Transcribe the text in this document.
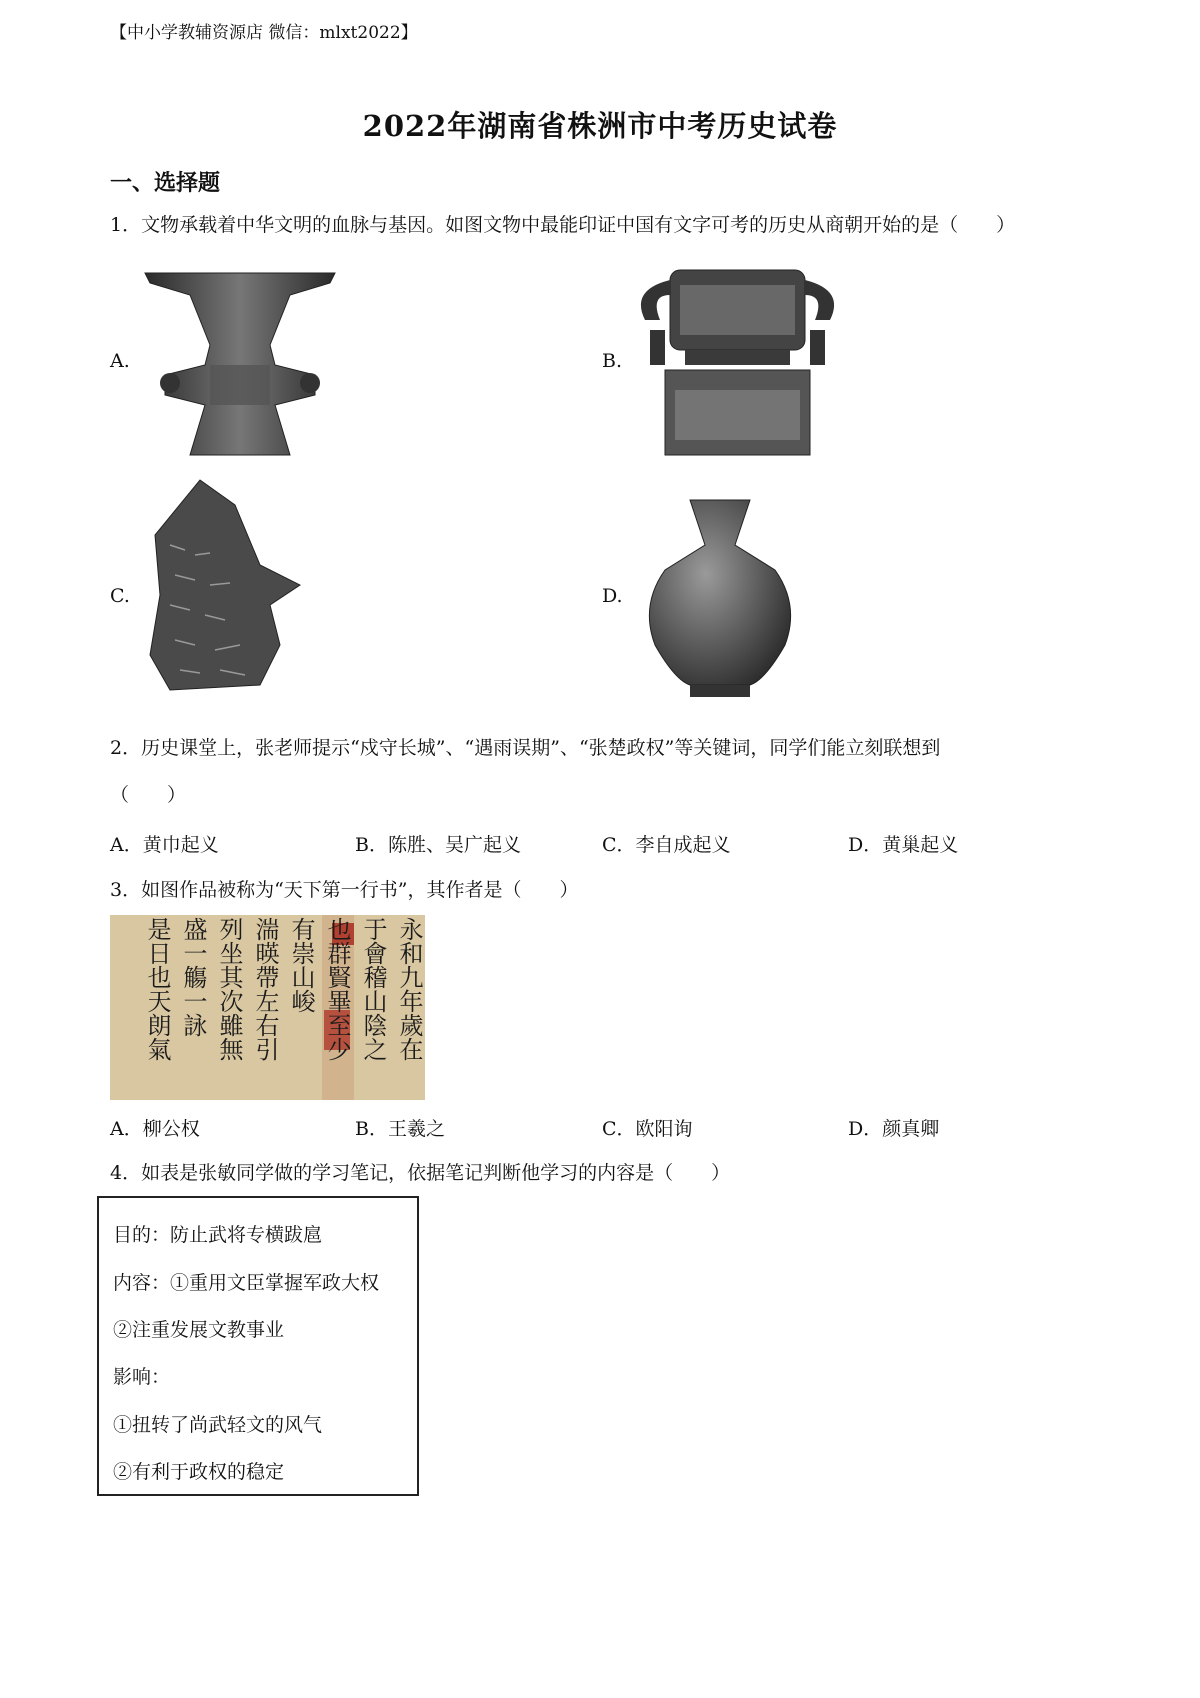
【中小学教辅资源店 微信：mlxt2022】
2022年湖南省株洲市中考历史试卷
一、选择题
1．文物承载着中华文明的血脉与基因。如图文物中最能印证中国有文字可考的历史从商朝开始的是（　　）
A.	B.
C.	D.
2．历史课堂上，张老师提示“戍守长城”、“遇雨误期”、“张楚政权”等关键词，同学们能立刻联想到
（　　）
A．黄巾起义	B．陈胜、吴广起义	C．李自成起义	D．黄巢起义
3．如图作品被称为“天下第一行书”，其作者是（　　）
永和九年歲在
于會稽山陰之
也群賢畢至少
有崇山峻
湍暎帶左右引
列坐其次雖無
盛一觴一詠
是日也天朗氣
A．柳公权	B．王羲之	C．欧阳询	D．颜真卿
4．如表是张敏同学做的学习笔记，依据笔记判断他学习的内容是（　　）
目的：防止武将专横跋扈
内容：①重用文臣掌握军政大权
②注重发展文教事业
影响：
①扭转了尚武轻文的风气
②有利于政权的稳定
